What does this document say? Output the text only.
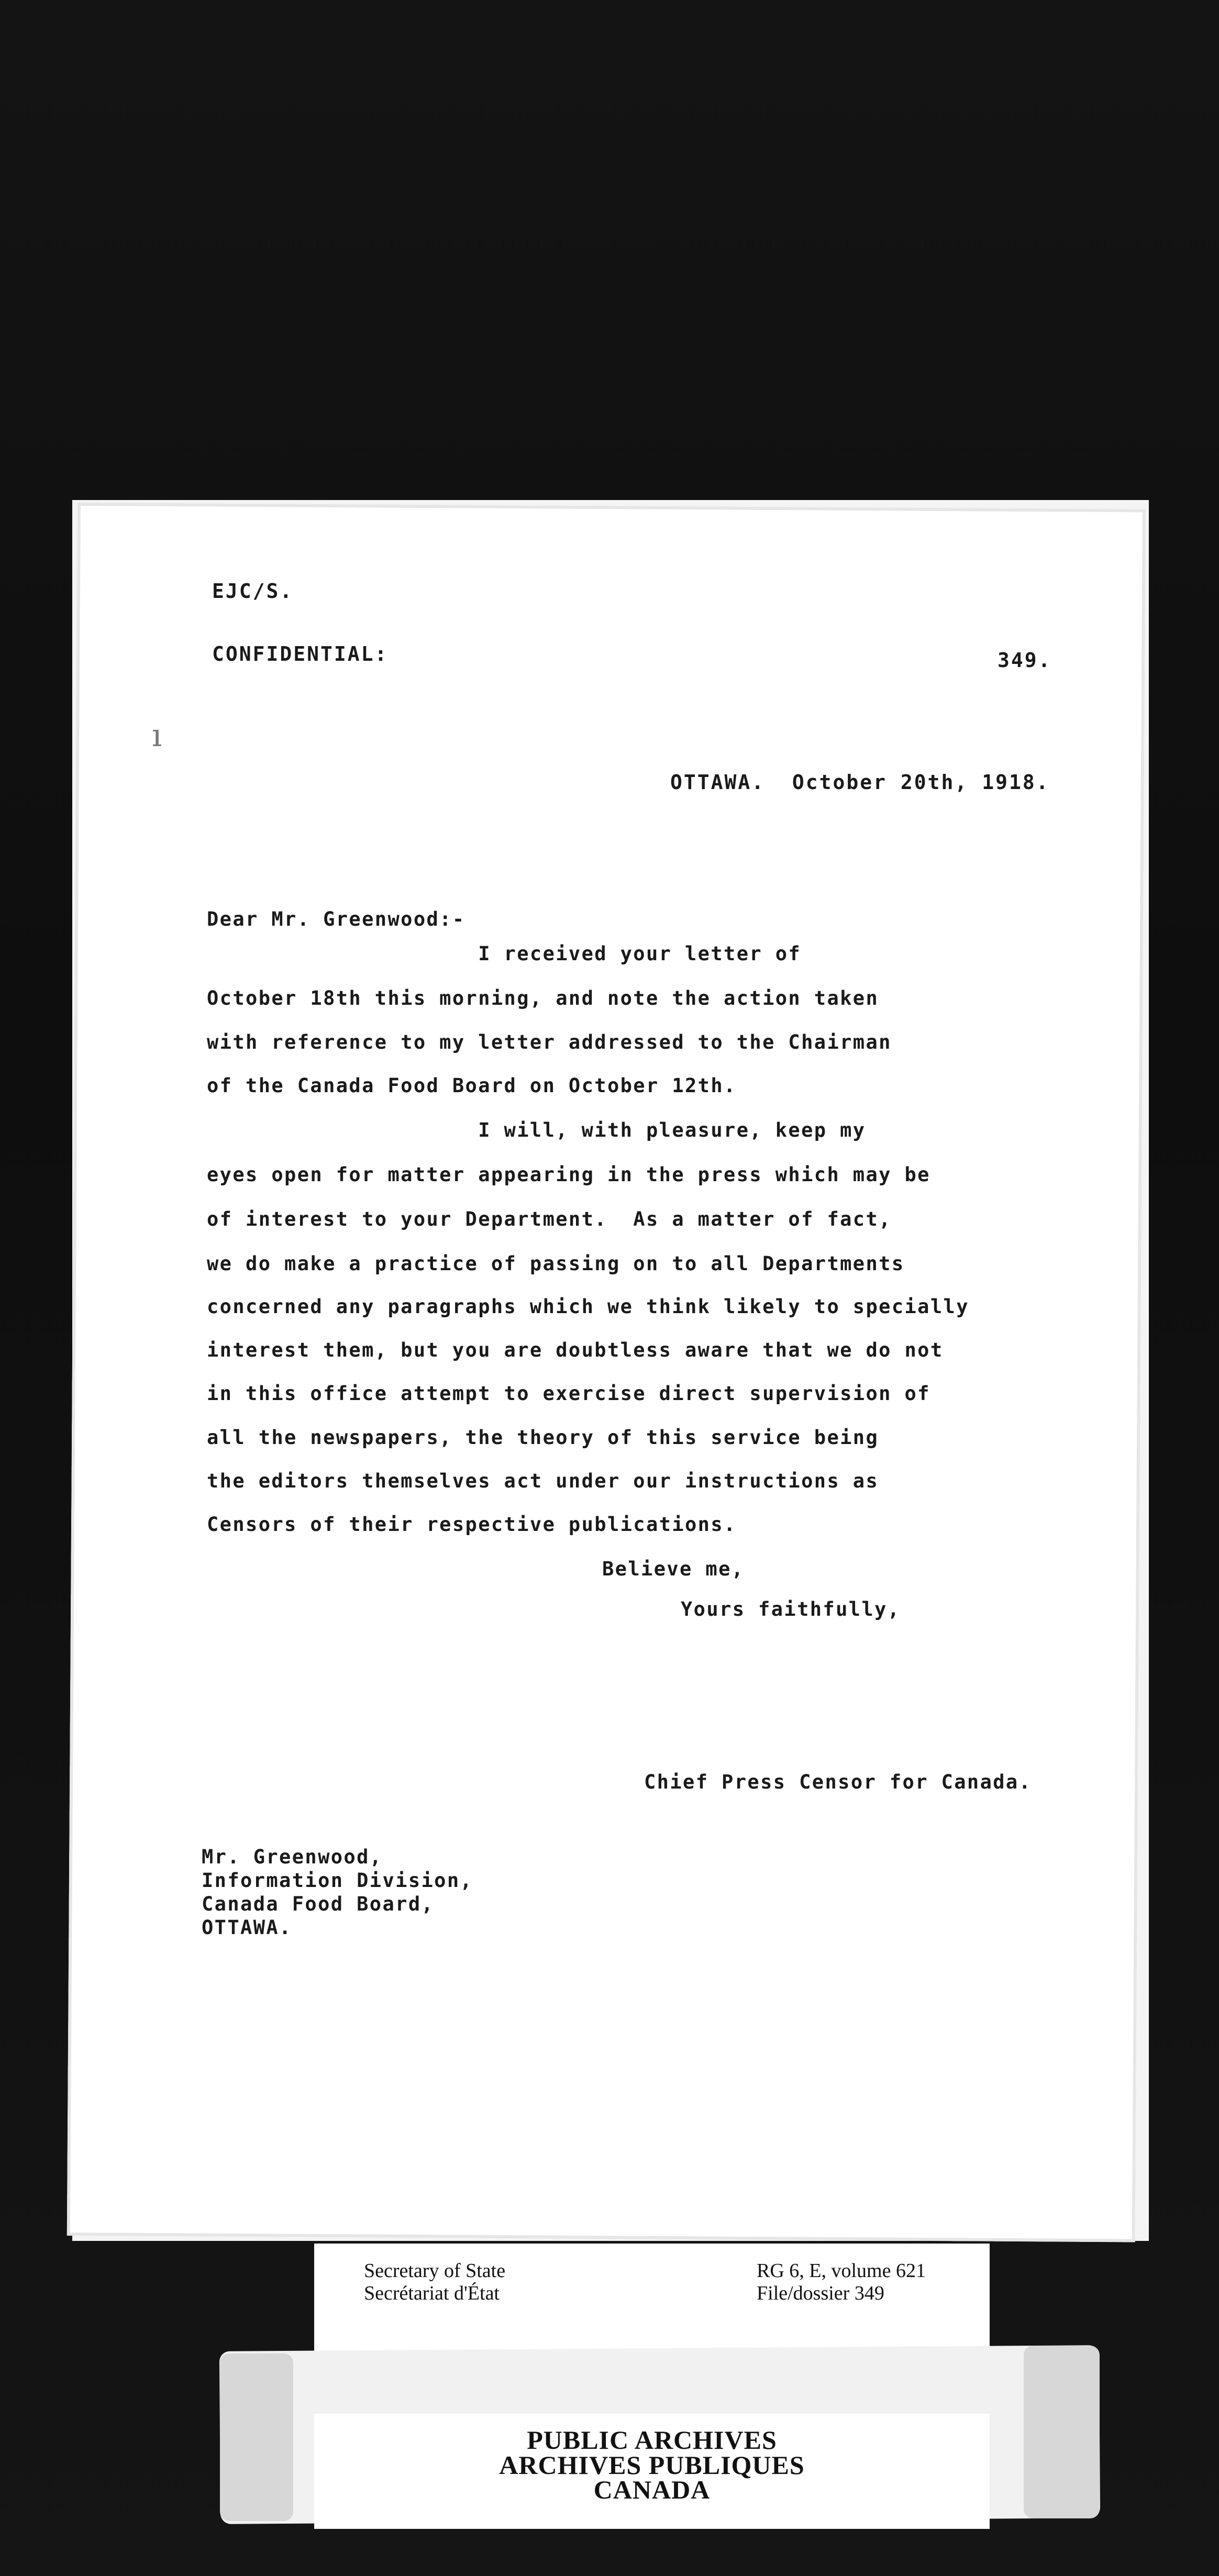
EJC/S.
CONFIDENTIAL:	349.
ı
OTTAWA.  October 20th, 1918.
Dear Mr. Greenwood:-
I received your letter of
October 18th this morning, and note the action taken
with reference to my letter addressed to the Chairman
of the Canada Food Board on October 12th.
I will, with pleasure, keep my
eyes open for matter appearing in the press which may be
of interest to your Department.  As a matter of fact,
we do make a practice of passing on to all Departments
concerned any paragraphs which we think likely to specially
interest them, but you are doubtless aware that we do not
in this office attempt to exercise direct supervision of
all the newspapers, the theory of this service being
the editors themselves act under our instructions as
Censors of their respective publications.
Believe me,
Yours faithfully,
Chief Press Censor for Canada.
Mr. Greenwood,
Information Division,
Canada Food Board,
OTTAWA.
Secretary of State
Secrétariat d'État
RG 6, E, volume 621
File/dossier 349
PUBLIC ARCHIVES
ARCHIVES PUBLIQUES
CANADA
